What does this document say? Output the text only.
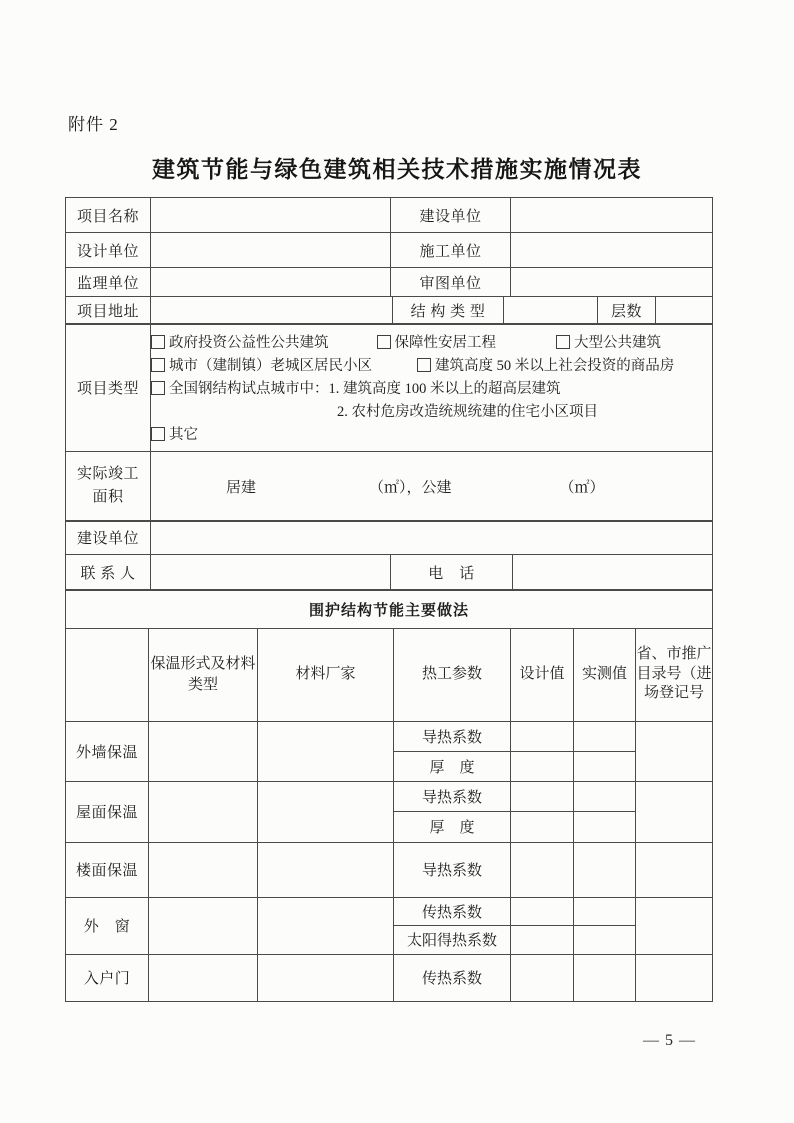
附件 2
建筑节能与绿色建筑相关技术措施实施情况表
项目名称		建设单位	
设计单位		施工单位	
监理单位		审图单位	
项目地址		结 构 类 型		层数	
项目类型	
政府投资公益性公共建筑	保障性安居工程	大型公共建筑
城市（建制镇）老城区居民小区	建筑高度 50 米以上社会投资的商品房
全国钢结构试点城市中：1. 建筑高度 100 米以上的超高层建筑
2. 农村危房改造统规统建的住宅小区项目
其它
实际竣工
面积

居建	（㎡），公建	（㎡）
建设单位	
联 系 人		电　话	
围护结构节能主要做法
	保温形式及材料类型	材料厂家	热工参数	设计值	实测值	省、市推广目录号（进场登记号
外墙保温			导热系数			
			厚　度			
屋面保温			导热系数			
			厚　度			
楼面保温			导热系数			
外　窗			传热系数			
			太阳得热系数			
入户门			传热系数			
— 5 —
